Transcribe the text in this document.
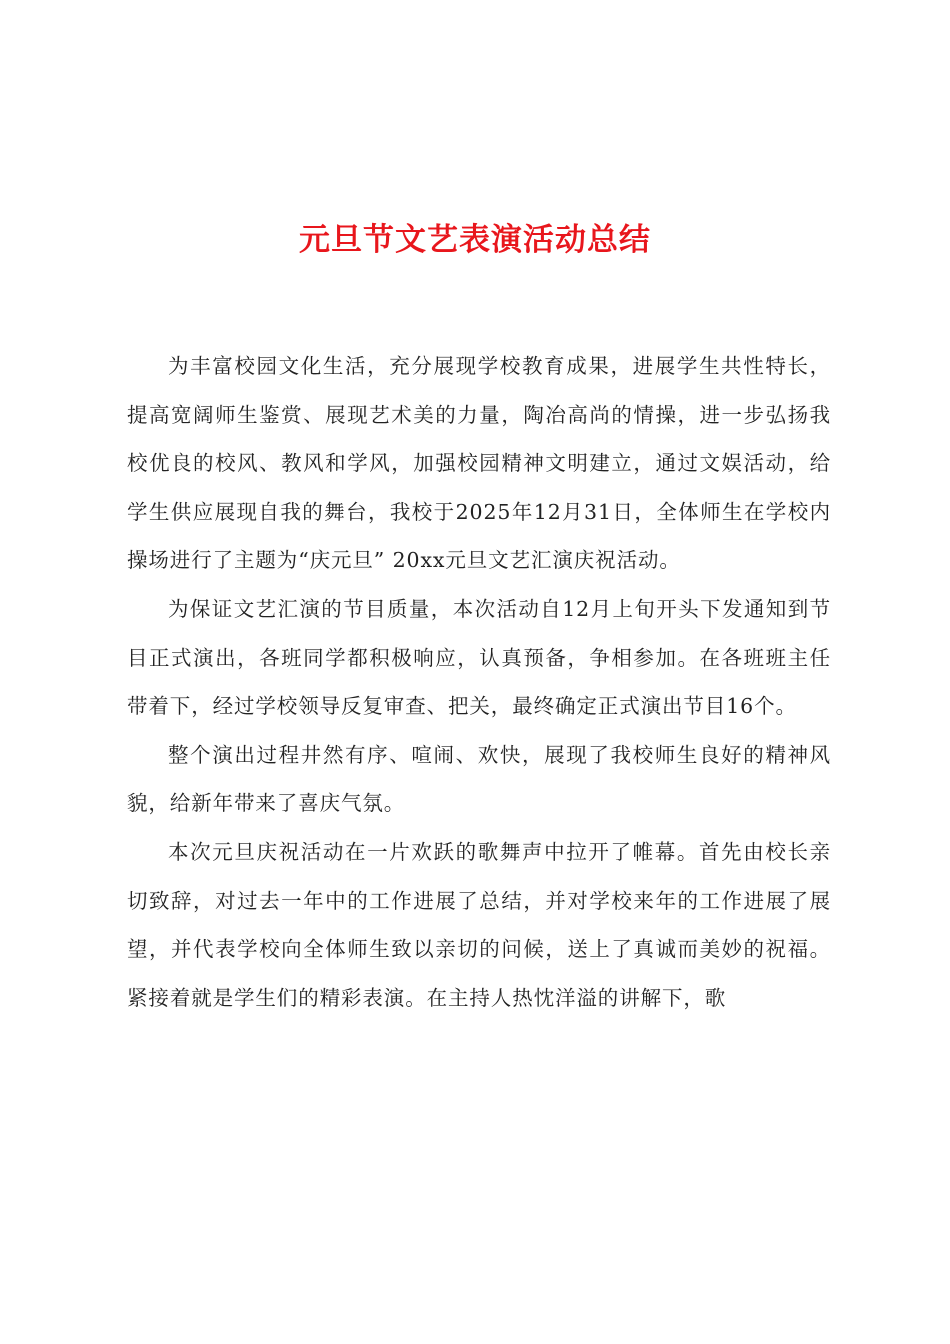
元旦节文艺表演活动总结

为丰富校园文化生活，充分展现学校教育成果，进展学生共性特长，提高宽阔师生鉴赏、展现艺术美的力量，陶冶高尚的情操，进一步弘扬我校优良的校风、教风和学风，加强校园精神文明建立，通过文娱活动，给学生供应展现自我的舞台，我校于2025年12月31日，全体师生在学校内操场进行了主题为“庆元旦” 20xx元旦文艺汇演庆祝活动。

为保证文艺汇演的节目质量，本次活动自12月上旬开头下发通知到节目正式演出，各班同学都积极响应，认真预备，争相参加。在各班班主任带着下，经过学校领导反复审查、把关，最终确定正式演出节目16个。

整个演出过程井然有序、喧闹、欢快，展现了我校师生良好的精神风貌，给新年带来了喜庆气氛。

本次元旦庆祝活动在一片欢跃的歌舞声中拉开了帷幕。首先由校长亲切致辞，对过去一年中的工作进展了总结，并对学校来年的工作进展了展望，并代表学校向全体师生致以亲切的问候，送上了真诚而美妙的祝福。紧接着就是学生们的精彩表演。在主持人热忱洋溢的讲解下，歌
